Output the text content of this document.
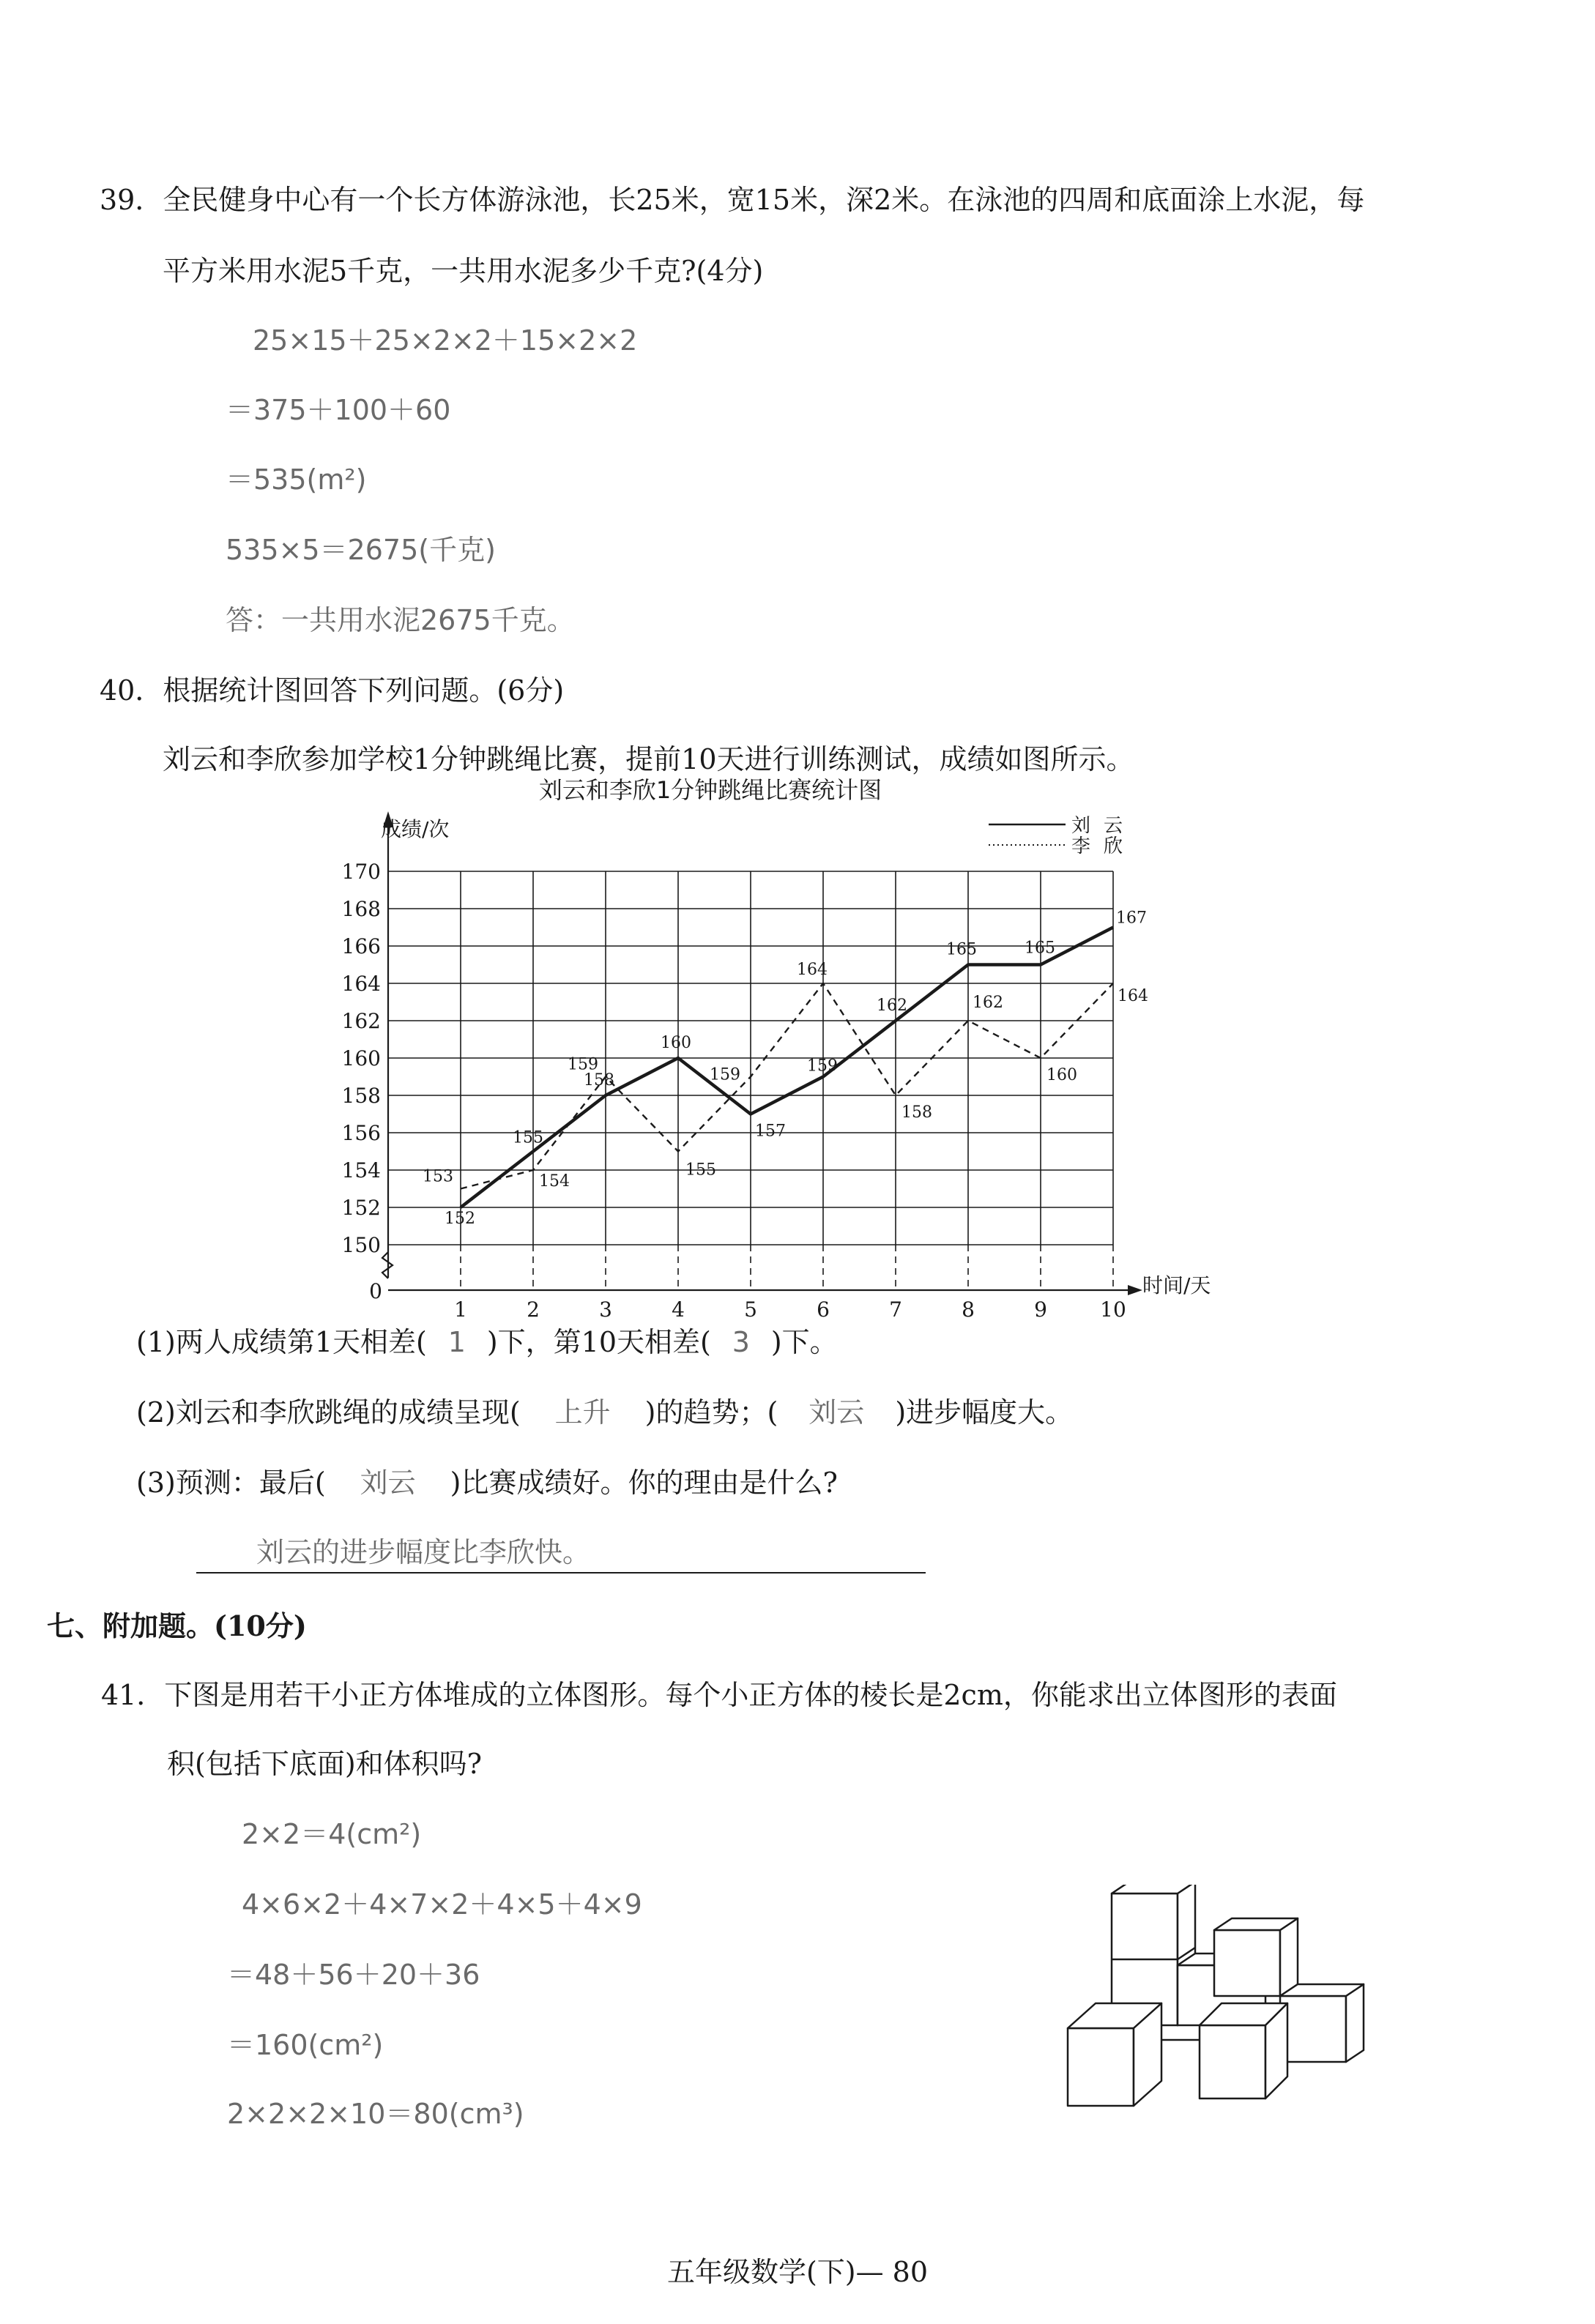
39．全民健身中心有一个长方体游泳池，长25米，宽15米，深2米。在泳池的四周和底面涂上水泥，每
平方米用水泥5千克，一共用水泥多少千克?(4分)
25×15＋25×2×2＋15×2×2
＝375＋100＋60
＝535(m²)
535×5＝2675(千克)
答：一共用水泥2675千克。
40．根据统计图回答下列问题。(6分)
刘云和李欣参加学校1分钟跳绳比赛，提前10天进行训练测试，成绩如图所示。
刘云和李欣1分钟跳绳比赛统计图
成绩/次
时间/天
0
150
152
154
156
158
160
162
164
166
168
170
1	2	3	4	5	6	7	8	9	10
152
155
158
160
157
159
162
165	165
167
153	154
159
155
159
164
158
162
160
164
刘云
李欣
(1)两人成绩第1天相差( 1 )下，第10天相差( 3 )下。
(2)刘云和李欣跳绳的成绩呈现( 上升 )的趋势；( 刘云 )进步幅度大。
(3)预测：最后( 刘云 )比赛成绩好。你的理由是什么?
刘云的进步幅度比李欣快。
七、附加题。(10分)
41．下图是用若干小正方体堆成的立体图形。每个小正方体的棱长是2cm，你能求出立体图形的表面
积(包括下底面)和体积吗?
2×2＝4(cm²)
4×6×2＋4×7×2＋4×5＋4×9
＝48＋56＋20＋36
＝160(cm²)
2×2×2×10＝80(cm³)
五年级数学(下)— 80
